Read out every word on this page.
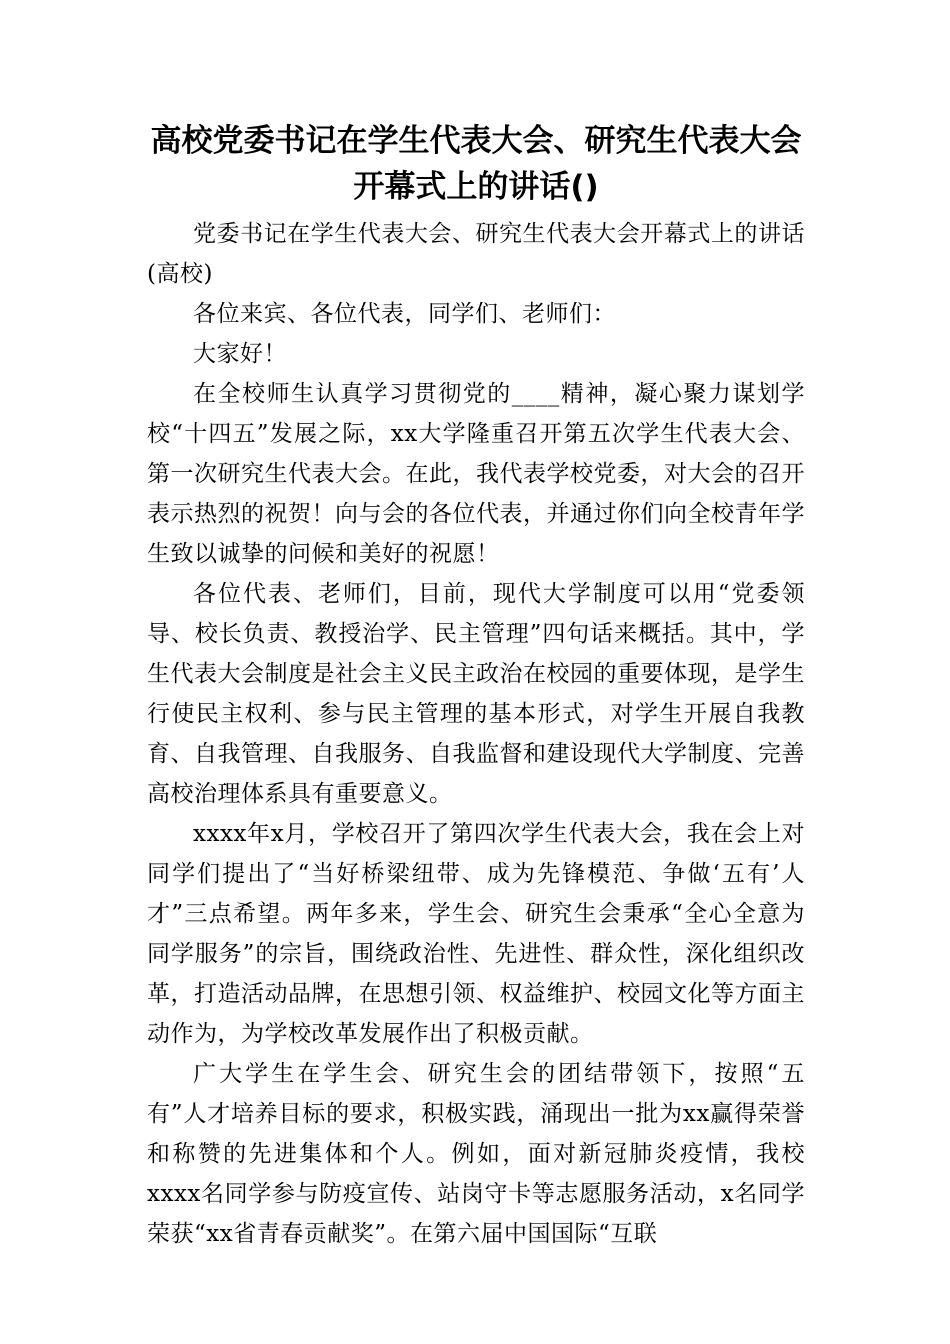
高校党委书记在学生代表大会、研究生代表大会开幕式上的讲话()

党委书记在学生代表大会、研究生代表大会开幕式上的讲话(高校)

各位来宾、各位代表，同学们、老师们：

大家好！

在全校师生认真学习贯彻党的____精神，凝心聚力谋划学校“十四五”发展之际，xx大学隆重召开第五次学生代表大会、第一次研究生代表大会。在此，我代表学校党委，对大会的召开表示热烈的祝贺！向与会的各位代表，并通过你们向全校青年学生致以诚挚的问候和美好的祝愿！

各位代表、老师们，目前，现代大学制度可以用“党委领导、校长负责、教授治学、民主管理”四句话来概括。其中，学生代表大会制度是社会主义民主政治在校园的重要体现，是学生行使民主权利、参与民主管理的基本形式，对学生开展自我教育、自我管理、自我服务、自我监督和建设现代大学制度、完善高校治理体系具有重要意义。

xxxx年x月，学校召开了第四次学生代表大会，我在会上对同学们提出了“当好桥梁纽带、成为先锋模范、争做‘五有’人才”三点希望。两年多来，学生会、研究生会秉承“全心全意为同学服务”的宗旨，围绕政治性、先进性、群众性，深化组织改革，打造活动品牌，在思想引领、权益维护、校园文化等方面主动作为，为学校改革发展作出了积极贡献。

广大学生在学生会、研究生会的团结带领下，按照“五有”人才培养目标的要求，积极实践，涌现出一批为xx赢得荣誉和称赞的先进集体和个人。例如，面对新冠肺炎疫情，我校xxxx名同学参与防疫宣传、站岗守卡等志愿服务活动，x名同学荣获“xx省青春贡献奖”。在第六届中国国际“互联
